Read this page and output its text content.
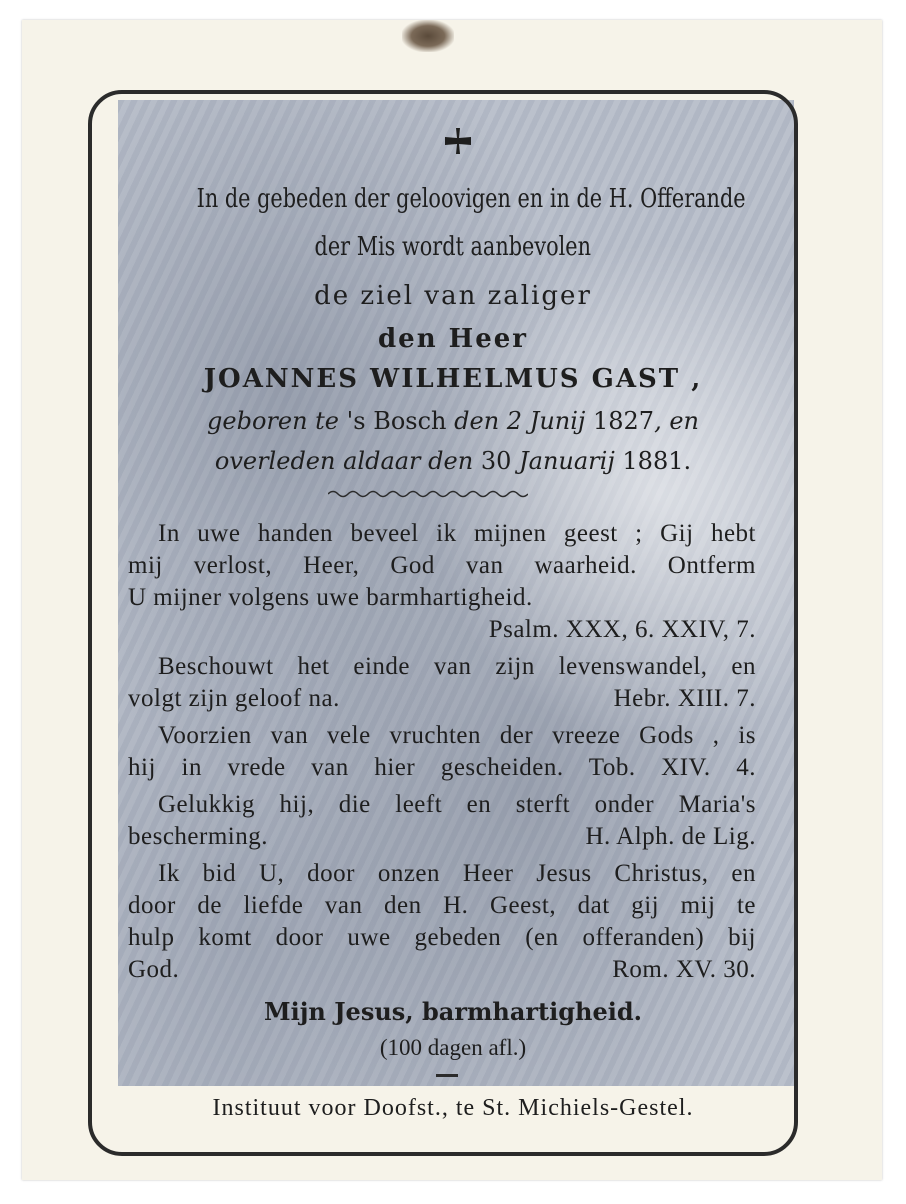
In de gebeden der geloovigen en in de H. Offerande
der Mis wordt aanbevolen
de ziel van zaliger
den Heer
JOANNES WILHELMUS GAST ,
geboren te 's Bosch den 2 Junij 1827, en
overleden aldaar den 30 Januarij 1881.
In uwe handen beveel ik mijnen geest ; Gij hebt
mij verlost, Heer, God van waarheid. Ontferm
U mijner volgens uwe barmhartigheid.
Psalm. XXX, 6. XXIV, 7.
Beschouwt het einde van zijn levenswandel, en
volgt zijn geloof na.	Hebr. XIII. 7.
Voorzien van vele vruchten der vreeze Gods , is
hij in vrede van hier gescheiden. Tob. XIV. 4.
Gelukkig hij, die leeft en sterft onder Maria's
bescherming.	H. Alph. de Lig.
Ik bid U, door onzen Heer Jesus Christus, en
door de liefde van den H. Geest, dat gij mij te
hulp komt door uwe gebeden (en offeranden) bij
God.	Rom. XV. 30.
Mijn Jesus, barmhartigheid.
(100 dagen afl.)
Instituut voor Doofst., te St. Michiels-Gestel.
